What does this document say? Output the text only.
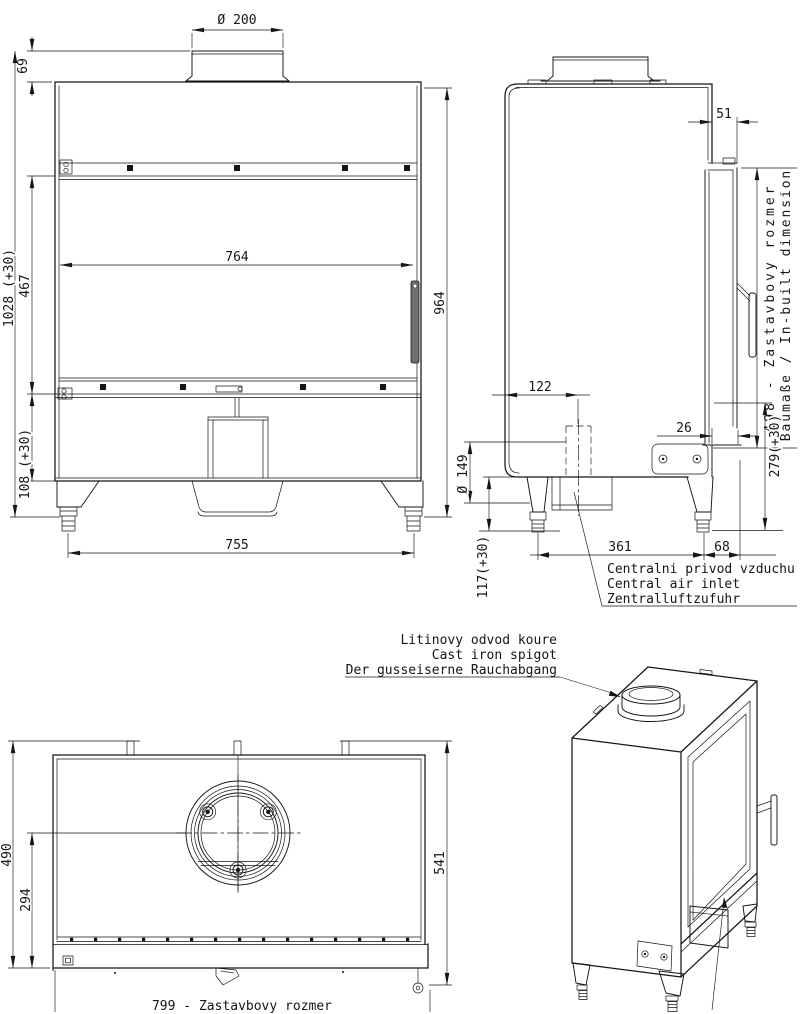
Ø 200
69
1028 (+30) 467
108 (+30)
764
964
755
51
498 - Zastavbovy rozmer Baumaße / In-built dimension
122
26	279(+30)
Ø 149
117(+30)	361	68
Centralni privod vzduchu
Central air inlet
Zentralluftzufuhr
490
294
541
799 - Zastavbovy rozmer
Litinovy odvod koure
Cast iron spigot
Der gusseiserne Rauchabgang
